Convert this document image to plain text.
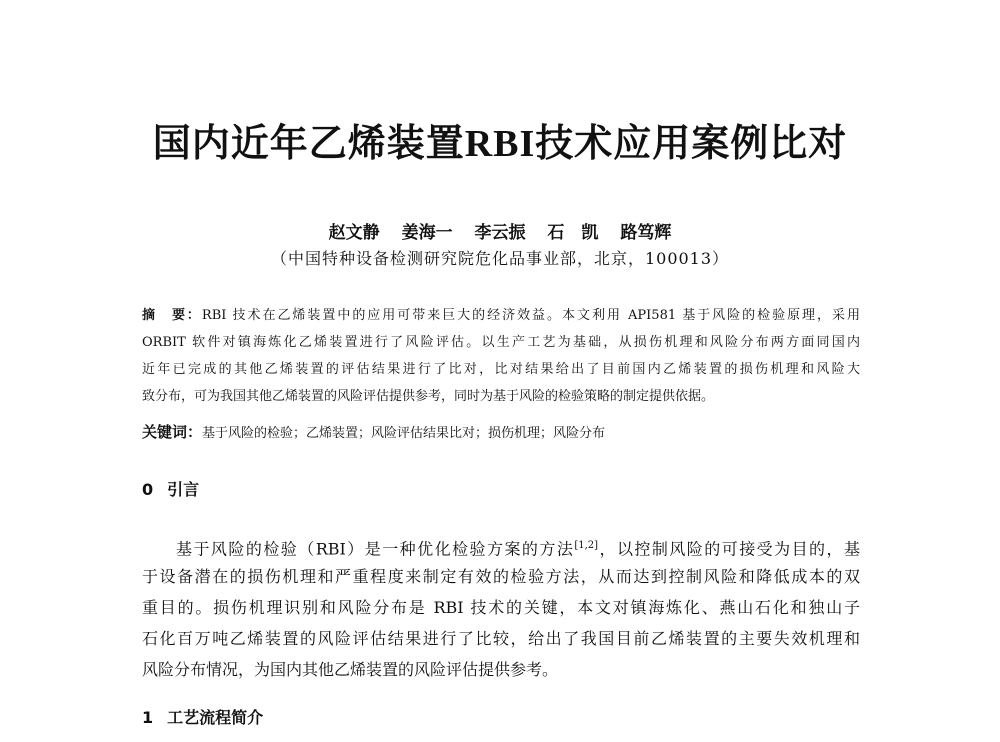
国内近年乙烯装置RBI技术应用案例比对
赵文静 姜海一 李云振 石　凯 路笃辉
（中国特种设备检测研究院危化品事业部，北京，100013）
摘　要：RBI 技术在乙烯装置中的应用可带来巨大的经济效益。本文利用 API581 基于风险的检验原理，采用
ORBIT 软件对镇海炼化乙烯装置进行了风险评估。以生产工艺为基础，从损伤机理和风险分布两方面同国内
近年已完成的其他乙烯装置的评估结果进行了比对，比对结果给出了目前国内乙烯装置的损伤机理和风险大
致分布，可为我国其他乙烯装置的风险评估提供参考，同时为基于风险的检验策略的制定提供依据。
关键词：基于风险的检验；乙烯装置；风险评估结果比对；损伤机理；风险分布
0 引言
基于风险的检验（RBI）是一种优化检验方案的方法[1,2]，以控制风险的可接受为目的，基
于设备潜在的损伤机理和严重程度来制定有效的检验方法，从而达到控制风险和降低成本的双
重目的。损伤机理识别和风险分布是 RBI 技术的关键，本文对镇海炼化、燕山石化和独山子
石化百万吨乙烯装置的风险评估结果进行了比较，给出了我国目前乙烯装置的主要失效机理和
风险分布情况，为国内其他乙烯装置的风险评估提供参考。
1 工艺流程简介
